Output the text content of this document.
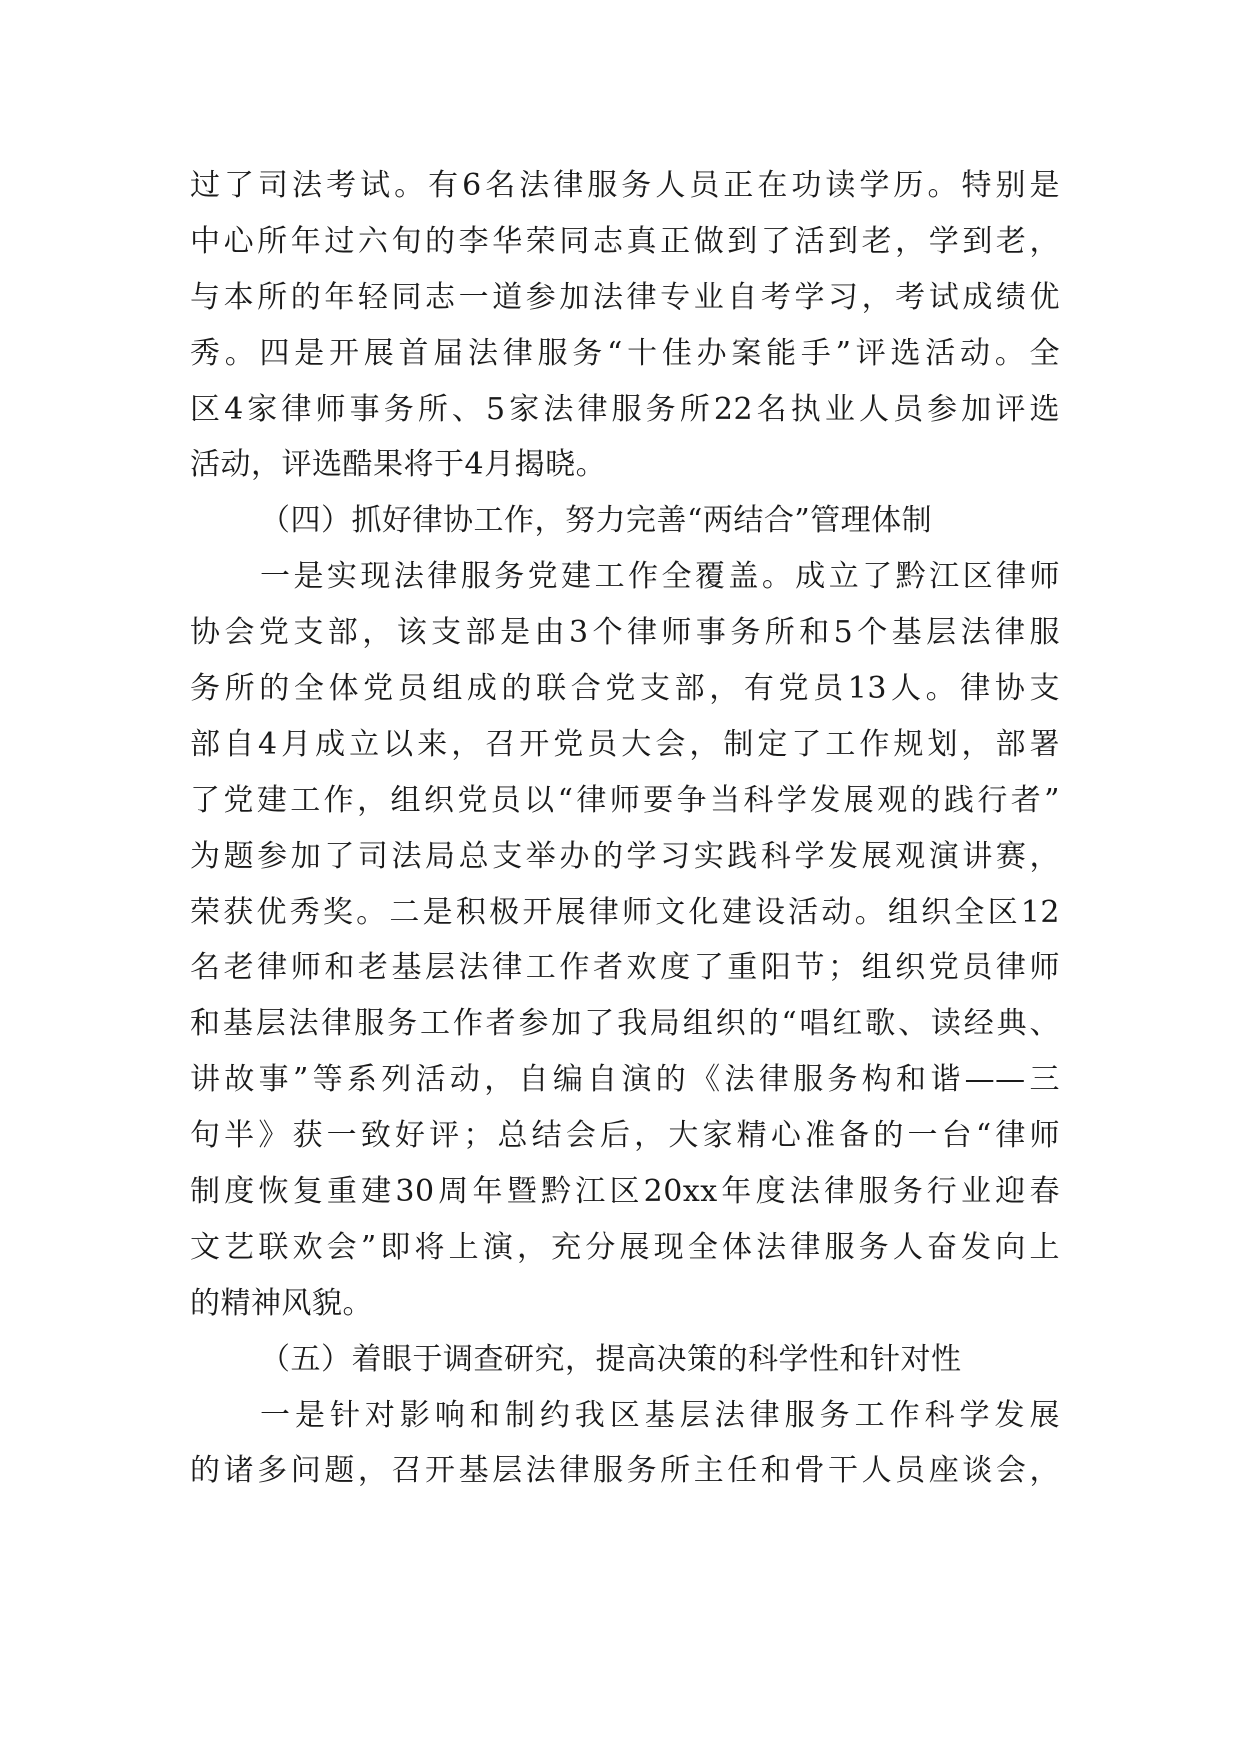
过了司法考试。有6名法律服务人员正在功读学历。特别是
中心所年过六旬的李华荣同志真正做到了活到老，学到老，
与本所的年轻同志一道参加法律专业自考学习，考试成绩优
秀。四是开展首届法律服务“十佳办案能手”评选活动。全
区4家律师事务所、5家法律服务所22名执业人员参加评选
活动，评选酷果将于4月揭晓。
（四）抓好律协工作，努力完善“两结合”管理体制
一是实现法律服务党建工作全覆盖。成立了黔江区律师
协会党支部，该支部是由3个律师事务所和5个基层法律服
务所的全体党员组成的联合党支部，有党员13人。律协支
部自4月成立以来，召开党员大会，制定了工作规划，部署
了党建工作，组织党员以“律师要争当科学发展观的践行者”
为题参加了司法局总支举办的学习实践科学发展观演讲赛，
荣获优秀奖。二是积极开展律师文化建设活动。组织全区12
名老律师和老基层法律工作者欢度了重阳节；组织党员律师
和基层法律服务工作者参加了我局组织的“唱红歌、读经典、
讲故事”等系列活动，自编自演的《法律服务构和谐——三
句半》获一致好评；总结会后，大家精心准备的一台“律师
制度恢复重建30周年暨黔江区20xx年度法律服务行业迎春
文艺联欢会”即将上演，充分展现全体法律服务人奋发向上
的精神风貌。
（五）着眼于调查研究，提高决策的科学性和针对性
一是针对影响和制约我区基层法律服务工作科学发展
的诸多问题，召开基层法律服务所主任和骨干人员座谈会，
